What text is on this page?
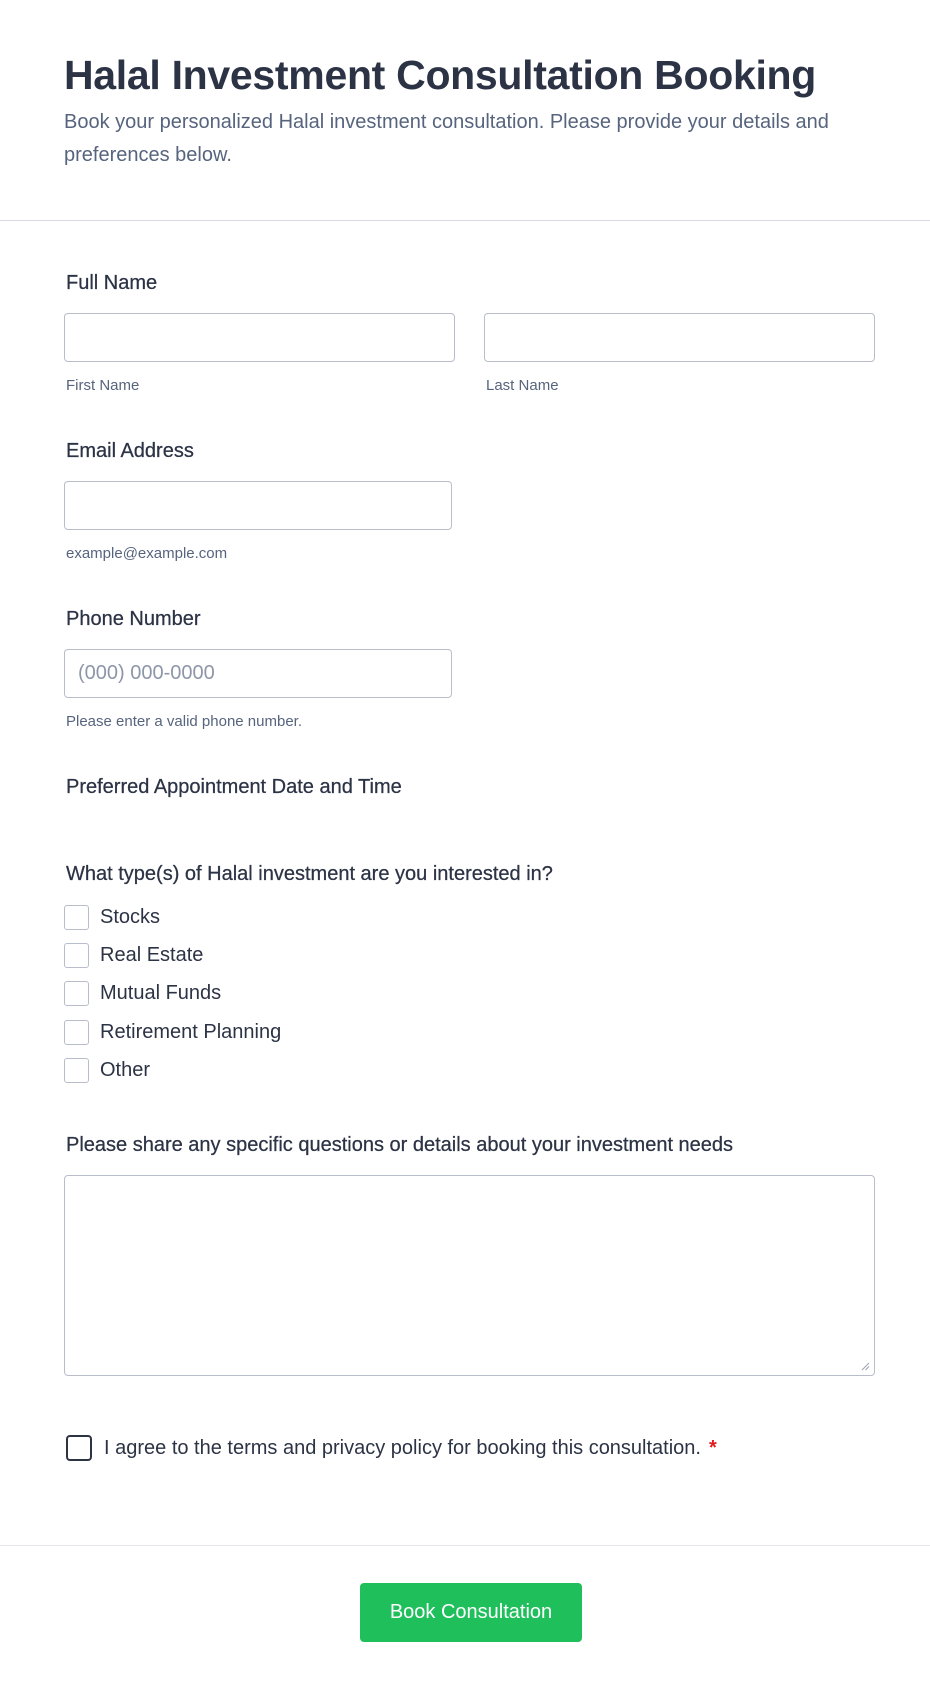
Halal Investment Consultation Booking

Book your personalized Halal investment consultation. Please provide your details and preferences below.

Full Name
First Name	Last Name
Email Address
example@example.com
Phone Number
(000) 000-0000
Please enter a valid phone number.
Preferred Appointment Date and Time
What type(s) of Halal investment are you interested in?
Stocks
Real Estate
Mutual Funds
Retirement Planning
Other
Please share any specific questions or details about your investment needs
I agree to the terms and privacy policy for booking this consultation. *
Book Consultation
